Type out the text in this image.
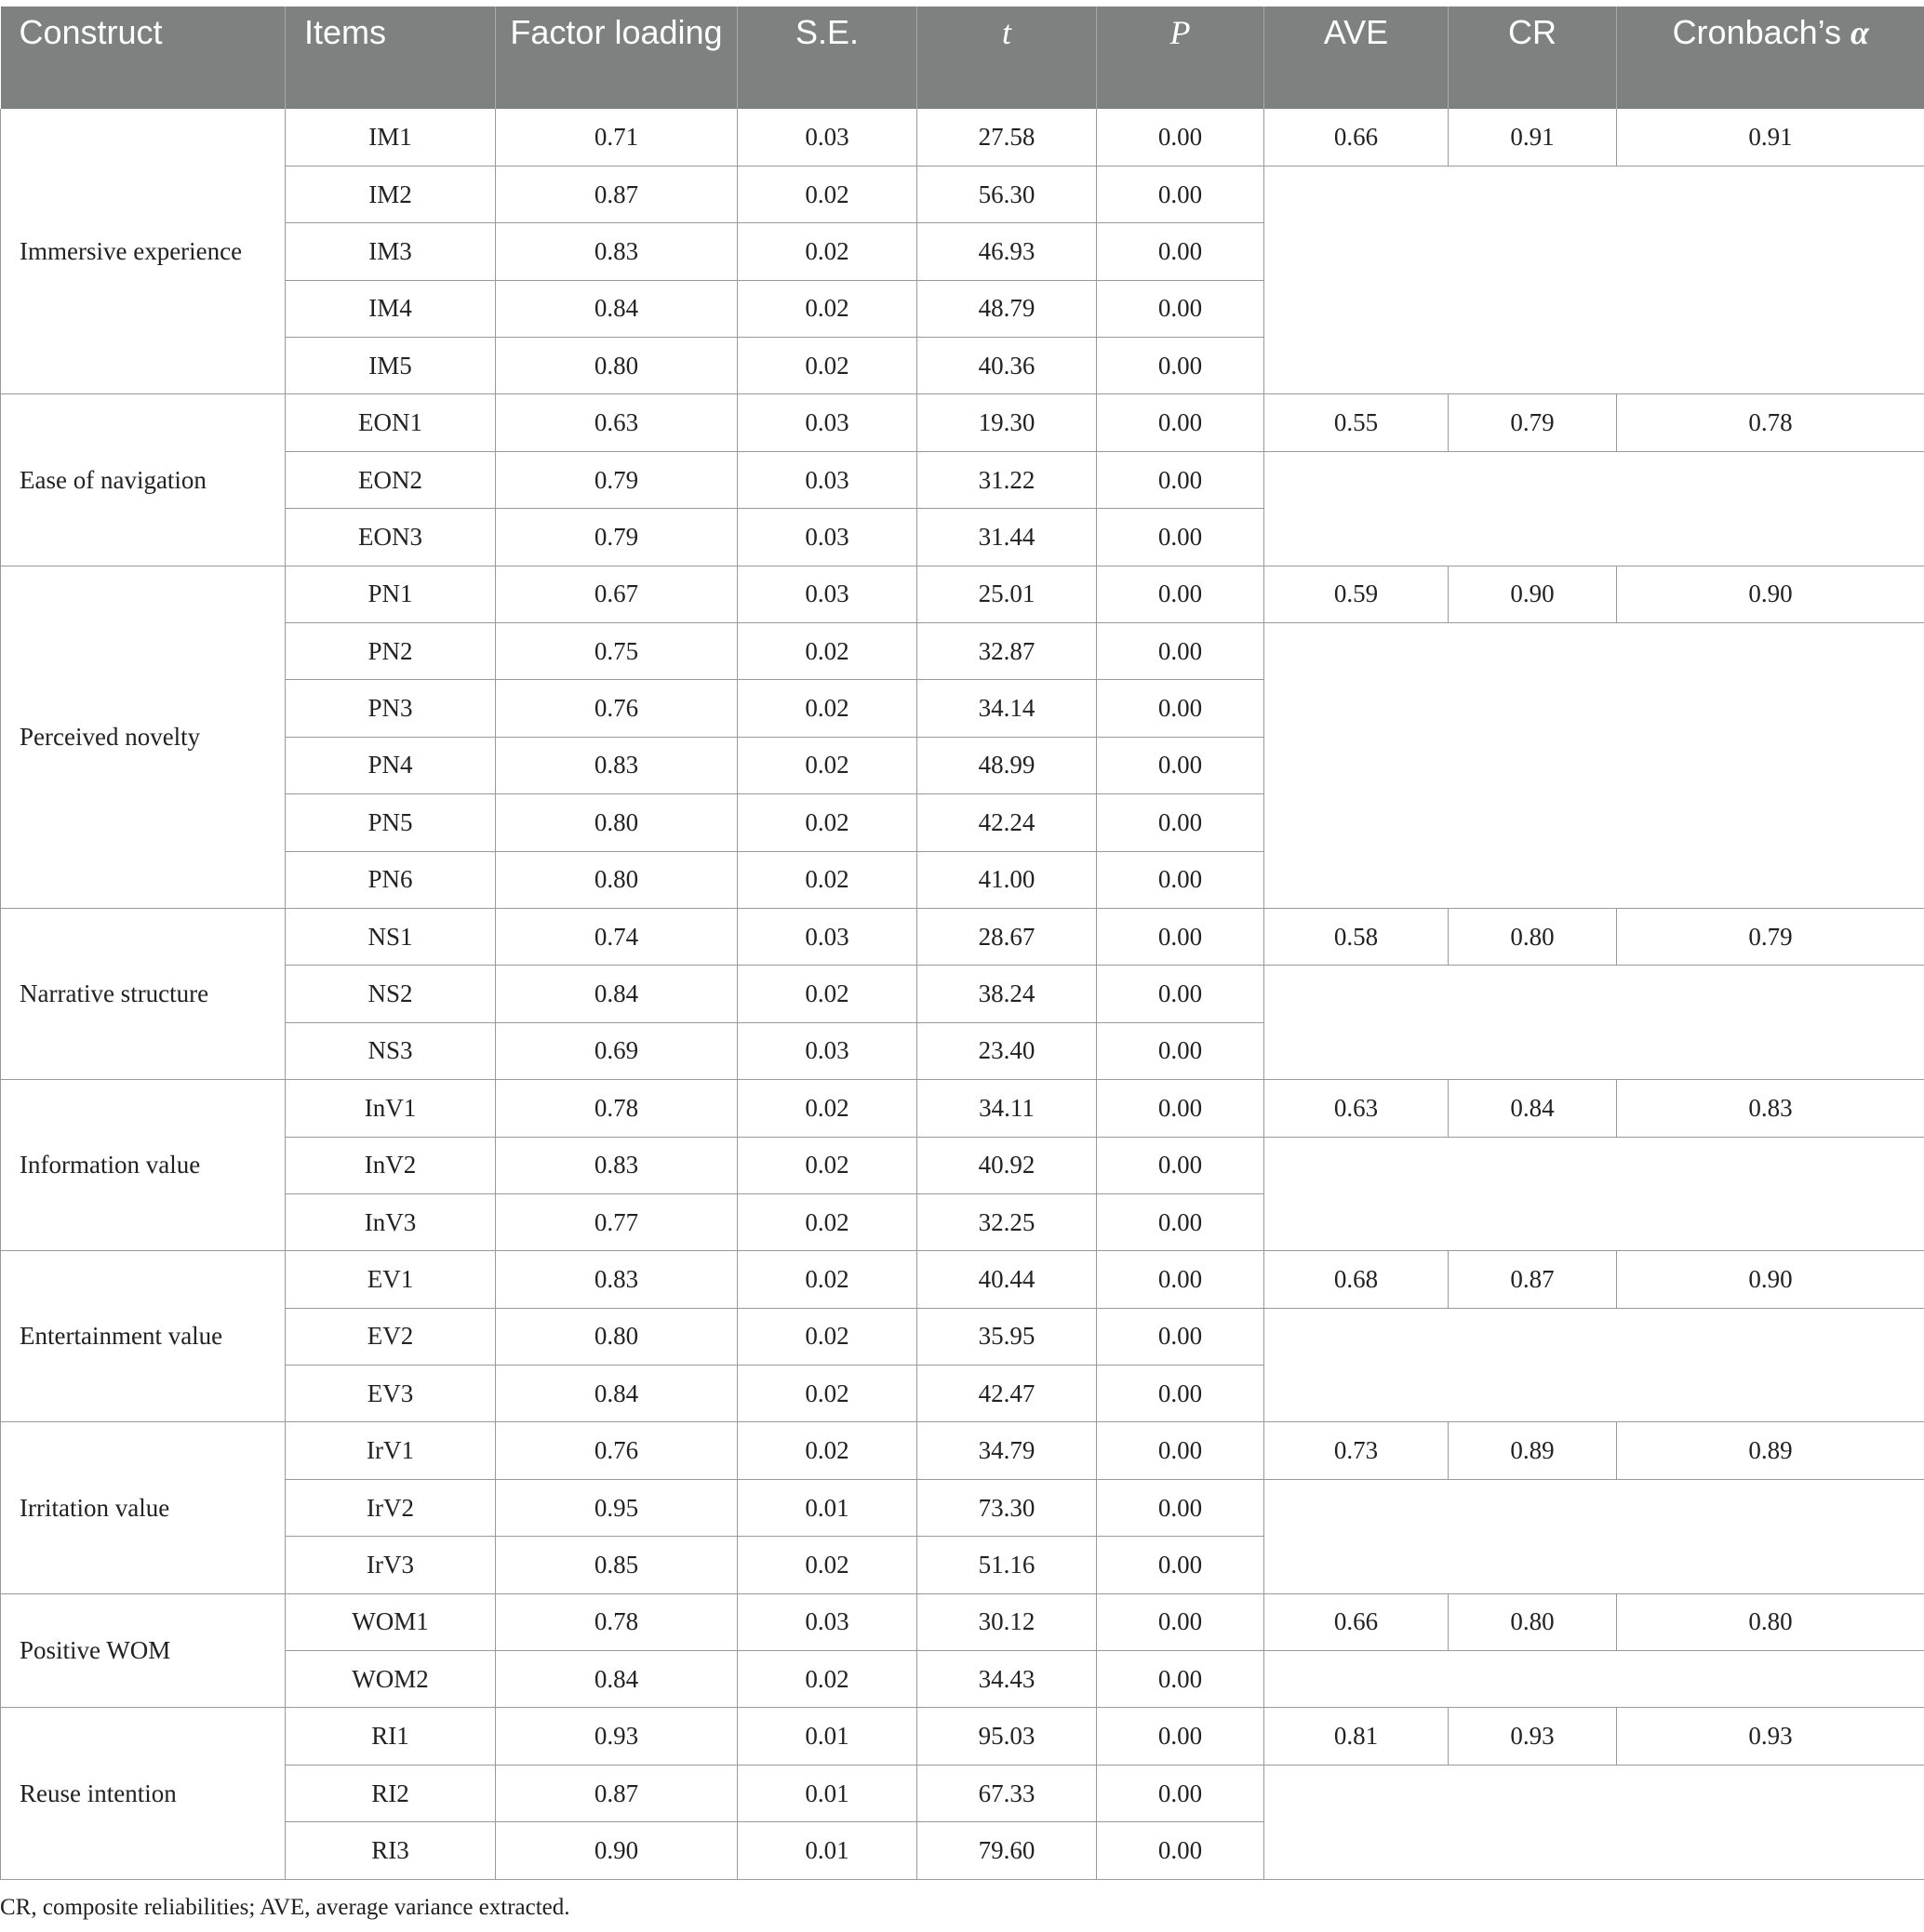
Construct	Items	Factor loading	S.E.	t	P	AVE	CR	Cronbach’s α
Immersive experience	IM1	0.71	0.03	27.58	0.00	0.66	0.91	0.91
	IM2	0.87	0.02	56.30	0.00			
	IM3	0.83	0.02	46.93	0.00			
	IM4	0.84	0.02	48.79	0.00			
	IM5	0.80	0.02	40.36	0.00			
Ease of navigation	EON1	0.63	0.03	19.30	0.00	0.55	0.79	0.78
	EON2	0.79	0.03	31.22	0.00			
	EON3	0.79	0.03	31.44	0.00			
Perceived novelty	PN1	0.67	0.03	25.01	0.00	0.59	0.90	0.90
	PN2	0.75	0.02	32.87	0.00			
	PN3	0.76	0.02	34.14	0.00			
	PN4	0.83	0.02	48.99	0.00			
	PN5	0.80	0.02	42.24	0.00			
	PN6	0.80	0.02	41.00	0.00			
Narrative structure	NS1	0.74	0.03	28.67	0.00	0.58	0.80	0.79
	NS2	0.84	0.02	38.24	0.00			
	NS3	0.69	0.03	23.40	0.00			
Information value	InV1	0.78	0.02	34.11	0.00	0.63	0.84	0.83
	InV2	0.83	0.02	40.92	0.00			
	InV3	0.77	0.02	32.25	0.00			
Entertainment value	EV1	0.83	0.02	40.44	0.00	0.68	0.87	0.90
	EV2	0.80	0.02	35.95	0.00			
	EV3	0.84	0.02	42.47	0.00			
Irritation value	IrV1	0.76	0.02	34.79	0.00	0.73	0.89	0.89
	IrV2	0.95	0.01	73.30	0.00			
	IrV3	0.85	0.02	51.16	0.00			
Positive WOM	WOM1	0.78	0.03	30.12	0.00	0.66	0.80	0.80
	WOM2	0.84	0.02	34.43	0.00			
Reuse intention	RI1	0.93	0.01	95.03	0.00	0.81	0.93	0.93
	RI2	0.87	0.01	67.33	0.00			
	RI3	0.90	0.01	79.60	0.00			
CR, composite reliabilities; AVE, average variance extracted.
